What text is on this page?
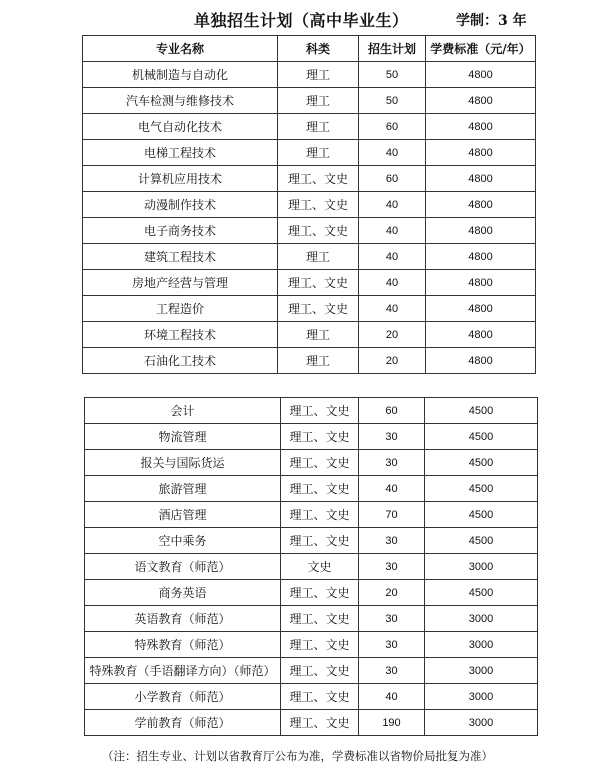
单独招生计划（高中毕业生）	学制：3 年
专业名称	科类	招生计划	学费标准（元/年）
机械制造与自动化	理工	50	4800
汽车检测与维修技术	理工	50	4800
电气自动化技术	理工	60	4800
电梯工程技术	理工	40	4800
计算机应用技术	理工、文史	60	4800
动漫制作技术	理工、文史	40	4800
电子商务技术	理工、文史	40	4800
建筑工程技术	理工	40	4800
房地产经营与管理	理工、文史	40	4800
工程造价	理工、文史	40	4800
环境工程技术	理工	20	4800
石油化工技术	理工	20	4800
会计	理工、文史	60	4500
物流管理	理工、文史	30	4500
报关与国际货运	理工、文史	30	4500
旅游管理	理工、文史	40	4500
酒店管理	理工、文史	70	4500
空中乘务	理工、文史	30	4500
语文教育（师范）	文史	30	3000
商务英语	理工、文史	20	4500
英语教育（师范）	理工、文史	30	3000
特殊教育（师范）	理工、文史	30	3000
特殊教育（手语翻译方向）（师范）	理工、文史	30	3000
小学教育（师范）	理工、文史	40	3000
学前教育（师范）	理工、文史	190	3000
（注：招生专业、计划以省教育厅公布为准，学费标准以省物价局批复为准）
